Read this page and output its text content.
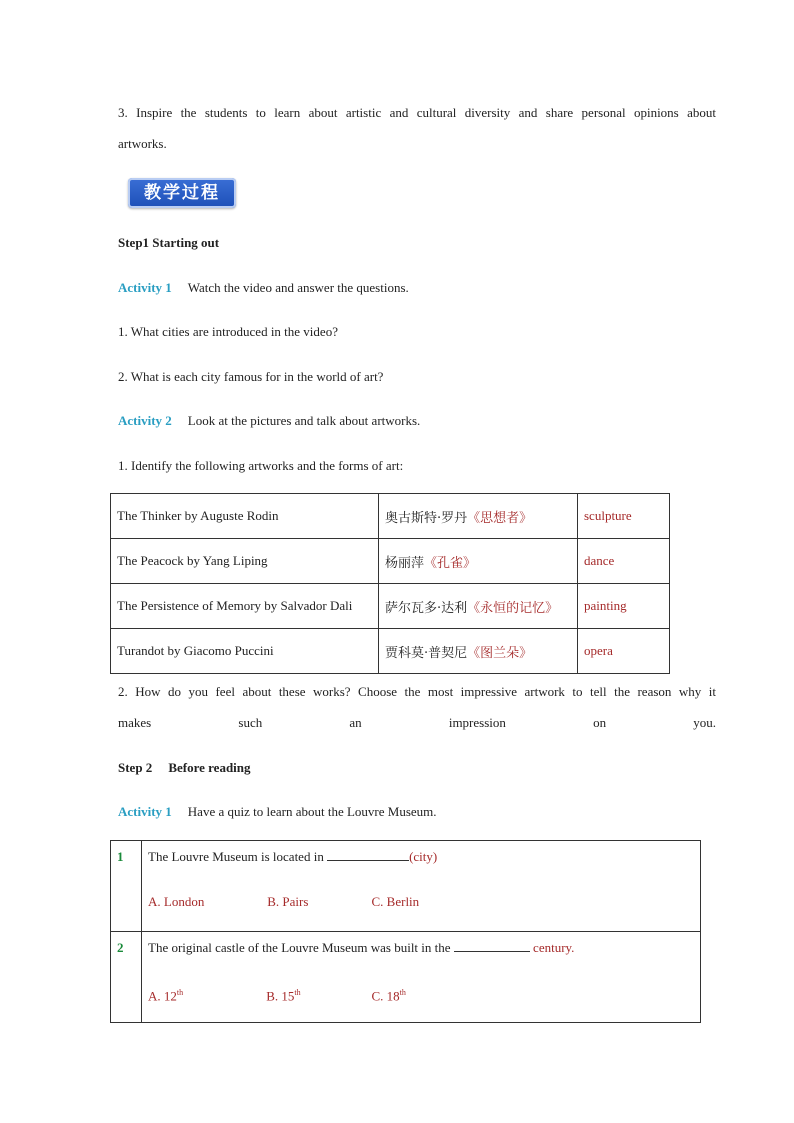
3. Inspire the students to learn about artistic and cultural diversity and share personal opinions about
artworks.
教学过程
Step1 Starting out
Activity 1 Watch the video and answer the questions.
1. What cities are introduced in the video?
2. What is each city famous for in the world of art?
Activity 2 Look at the pictures and talk about artworks.
1. Identify the following artworks and the forms of art:
The Thinker by Auguste Rodin	奥古斯特·罗丹《思想者》	sculpture
The Peacock by Yang Liping	杨丽萍《孔雀》	dance
The Persistence of Memory by Salvador Dali	萨尔瓦多·达利《永恒的记忆》	painting
Turandot by Giacomo Puccini	贾科莫·普契尼《图兰朵》	opera
2. How do you feel about these works? Choose the most impressive artwork to tell the reason why it
makes such an impression on you.
Step 2 Before reading
Activity 1 Have a quiz to learn about the Louvre Museum.
1	The Louvre Museum is located in (city)
A. London B. Pairs C. Berlin

2	The original castle of the Louvre Museum was built in the century.
A. 12th B. 15th C. 18th
